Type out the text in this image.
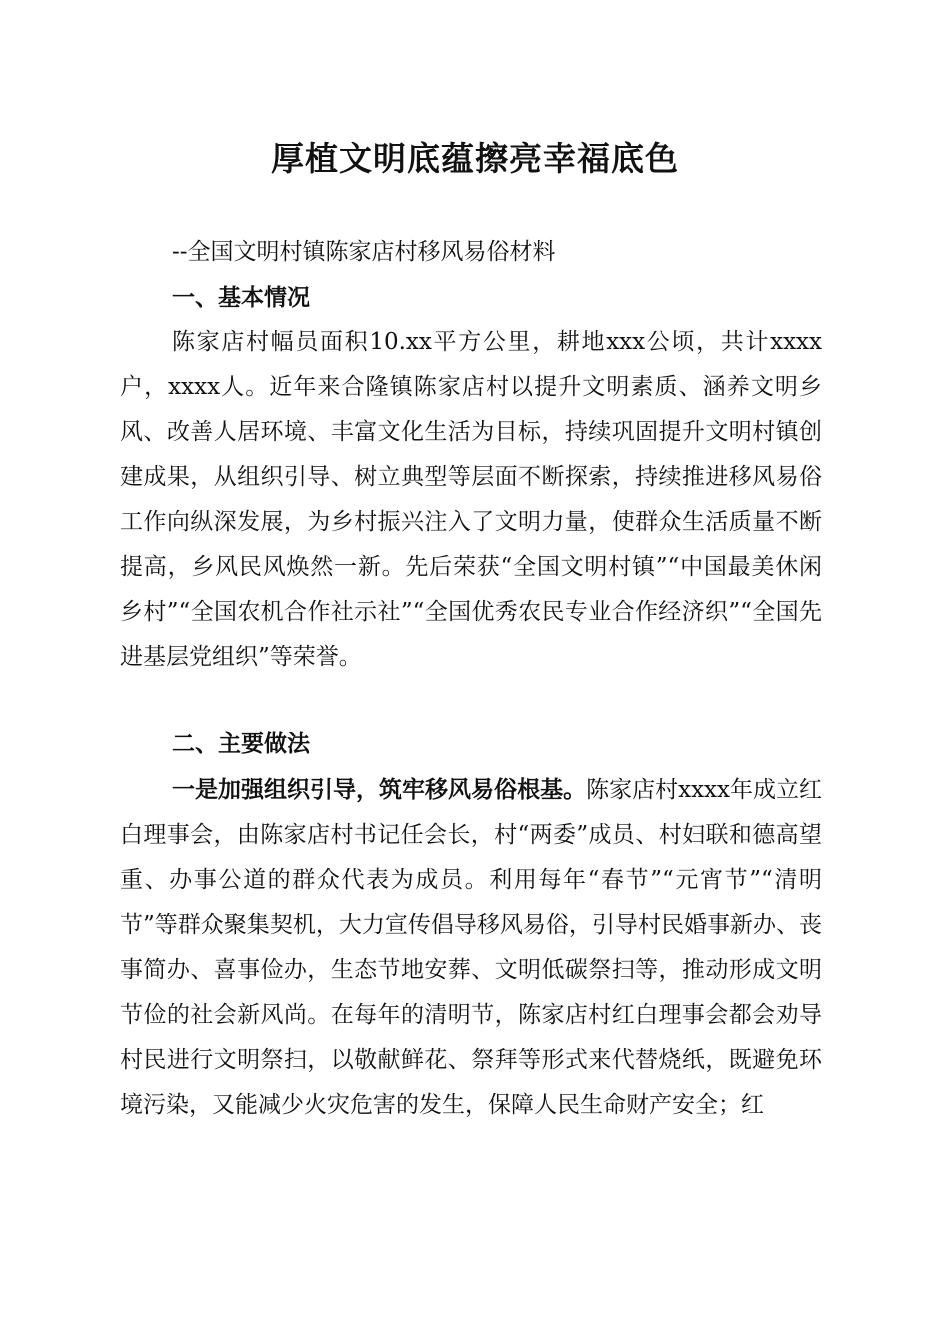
厚植文明底蕴擦亮幸福底色

--全国文明村镇陈家店村移风易俗材料

一、基本情况

陈家店村幅员面积10.xx平方公里，耕地xxx公顷，共计xxxx户，xxxx人。近年来合隆镇陈家店村以提升文明素质、涵养文明乡风、改善人居环境、丰富文化生活为目标，持续巩固提升文明村镇创建成果，从组织引导、树立典型等层面不断探索，持续推进移风易俗工作向纵深发展，为乡村振兴注入了文明力量，使群众生活质量不断提高，乡风民风焕然一新。先后荣获“全国文明村镇”“中国最美休闲乡村”“全国农机合作社示社”“全国优秀农民专业合作经济织”“全国先进基层党组织”等荣誉。

二、主要做法

一是加强组织引导，筑牢移风易俗根基。陈家店村xxxx年成立红白理事会，由陈家店村书记任会长，村“两委”成员、村妇联和德高望重、办事公道的群众代表为成员。利用每年“春节”“元宵节”“清明节”等群众聚集契机，大力宣传倡导移风易俗，引导村民婚事新办、丧事简办、喜事俭办，生态节地安葬、文明低碳祭扫等，推动形成文明节俭的社会新风尚。在每年的清明节，陈家店村红白理事会都会劝导村民进行文明祭扫，以敬献鲜花、祭拜等形式来代替烧纸，既避免环境污染，又能减少火灾危害的发生，保障人民生命财产安全；红
